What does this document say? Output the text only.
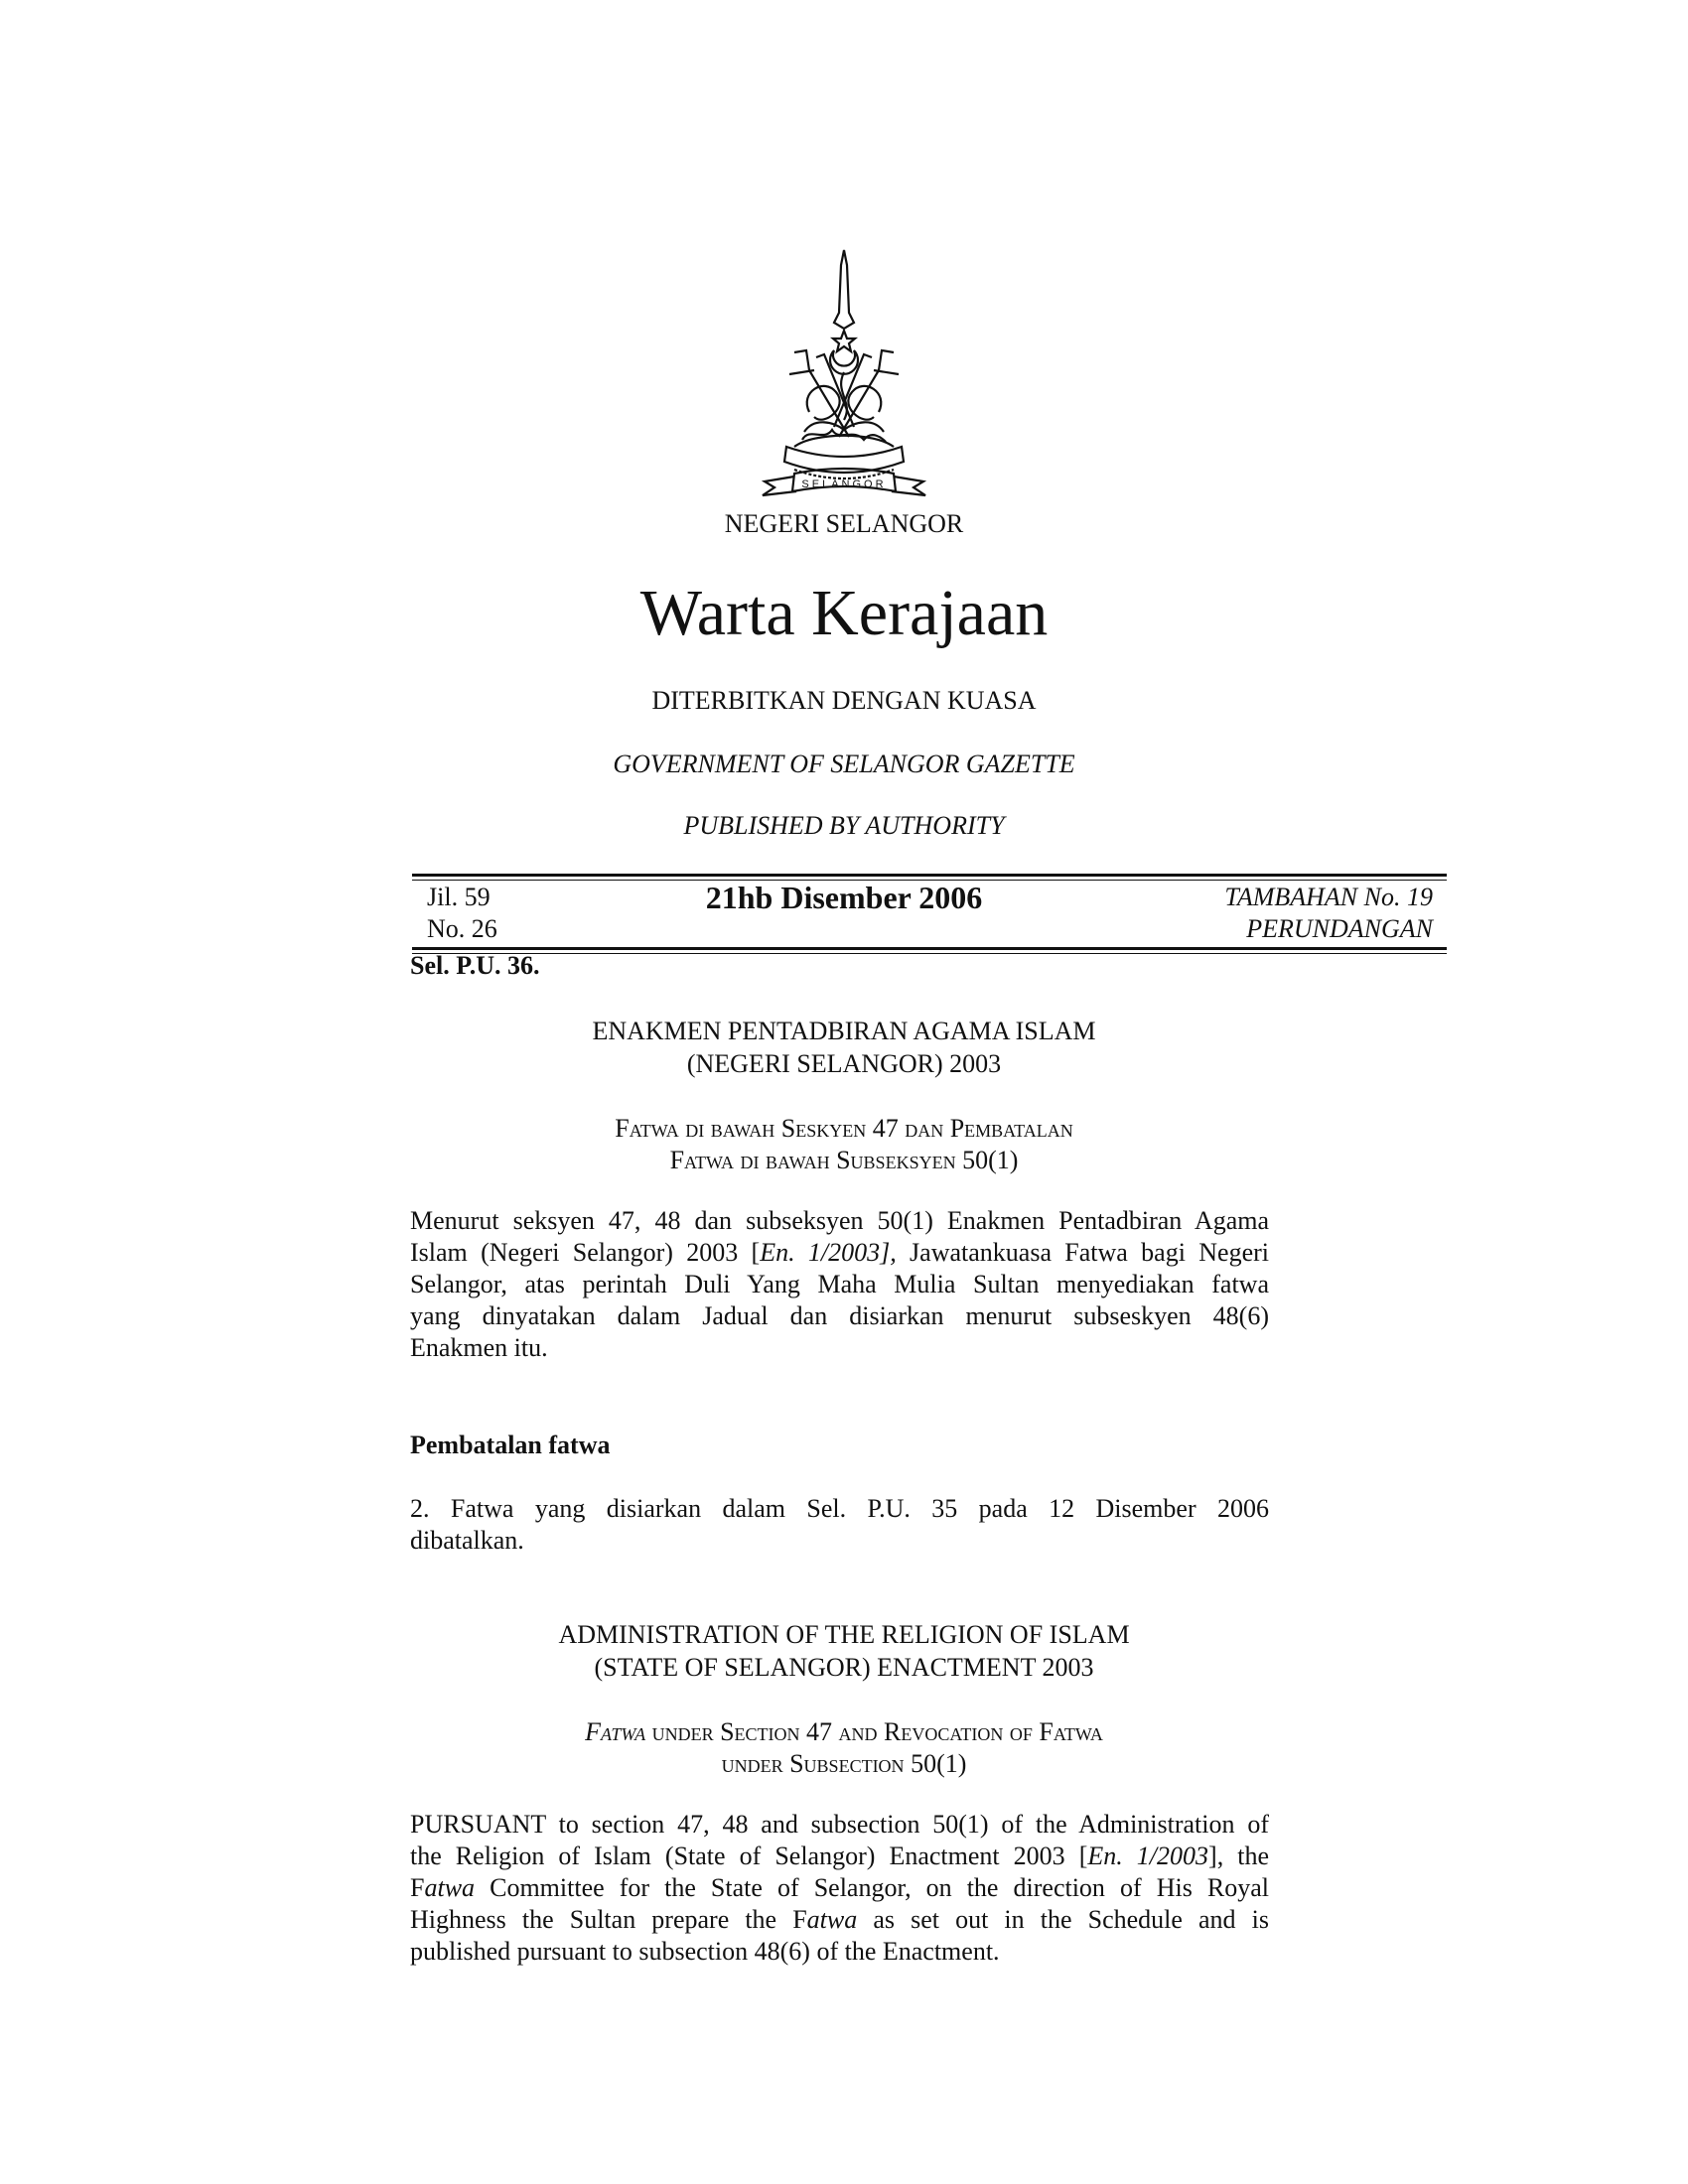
SELANGOR
NEGERI SELANGOR
Warta Kerajaan
DITERBITKAN DENGAN KUASA
GOVERNMENT OF SELANGOR GAZETTE
PUBLISHED BY AUTHORITY
Jil. 59
No. 26
21hb Disember 2006	TAMBAHAN No. 19
PERUNDANGAN
Sel. P.U. 36.
ENAKMEN PENTADBIRAN AGAMA ISLAM
(NEGERI SELANGOR) 2003
Fatwa di bawah Seskyen 47 dan Pembatalan
Fatwa di bawah Subseksyen 50(1)
Menurut seksyen 47, 48 dan subseksyen 50(1) Enakmen Pentadbiran Agama
Islam (Negeri Selangor) 2003 [En. 1/2003], Jawatankuasa Fatwa bagi Negeri
Selangor, atas perintah Duli Yang Maha Mulia Sultan menyediakan fatwa
yang dinyatakan dalam Jadual dan disiarkan menurut subseskyen 48(6)
Enakmen itu.
Pembatalan fatwa
2. Fatwa yang disiarkan dalam Sel. P.U. 35 pada 12 Disember 2006
dibatalkan.
ADMINISTRATION OF THE RELIGION OF ISLAM
(STATE OF SELANGOR) ENACTMENT 2003
Fatwa under Section 47 and Revocation of Fatwa
under Subsection 50(1)
PURSUANT to section 47, 48 and subsection 50(1) of the Administration of
the Religion of Islam (State of Selangor) Enactment 2003 [En. 1/2003], the
Fatwa Committee for the State of Selangor, on the direction of His Royal
Highness the Sultan prepare the Fatwa as set out in the Schedule and is
published pursuant to subsection 48(6) of the Enactment.
